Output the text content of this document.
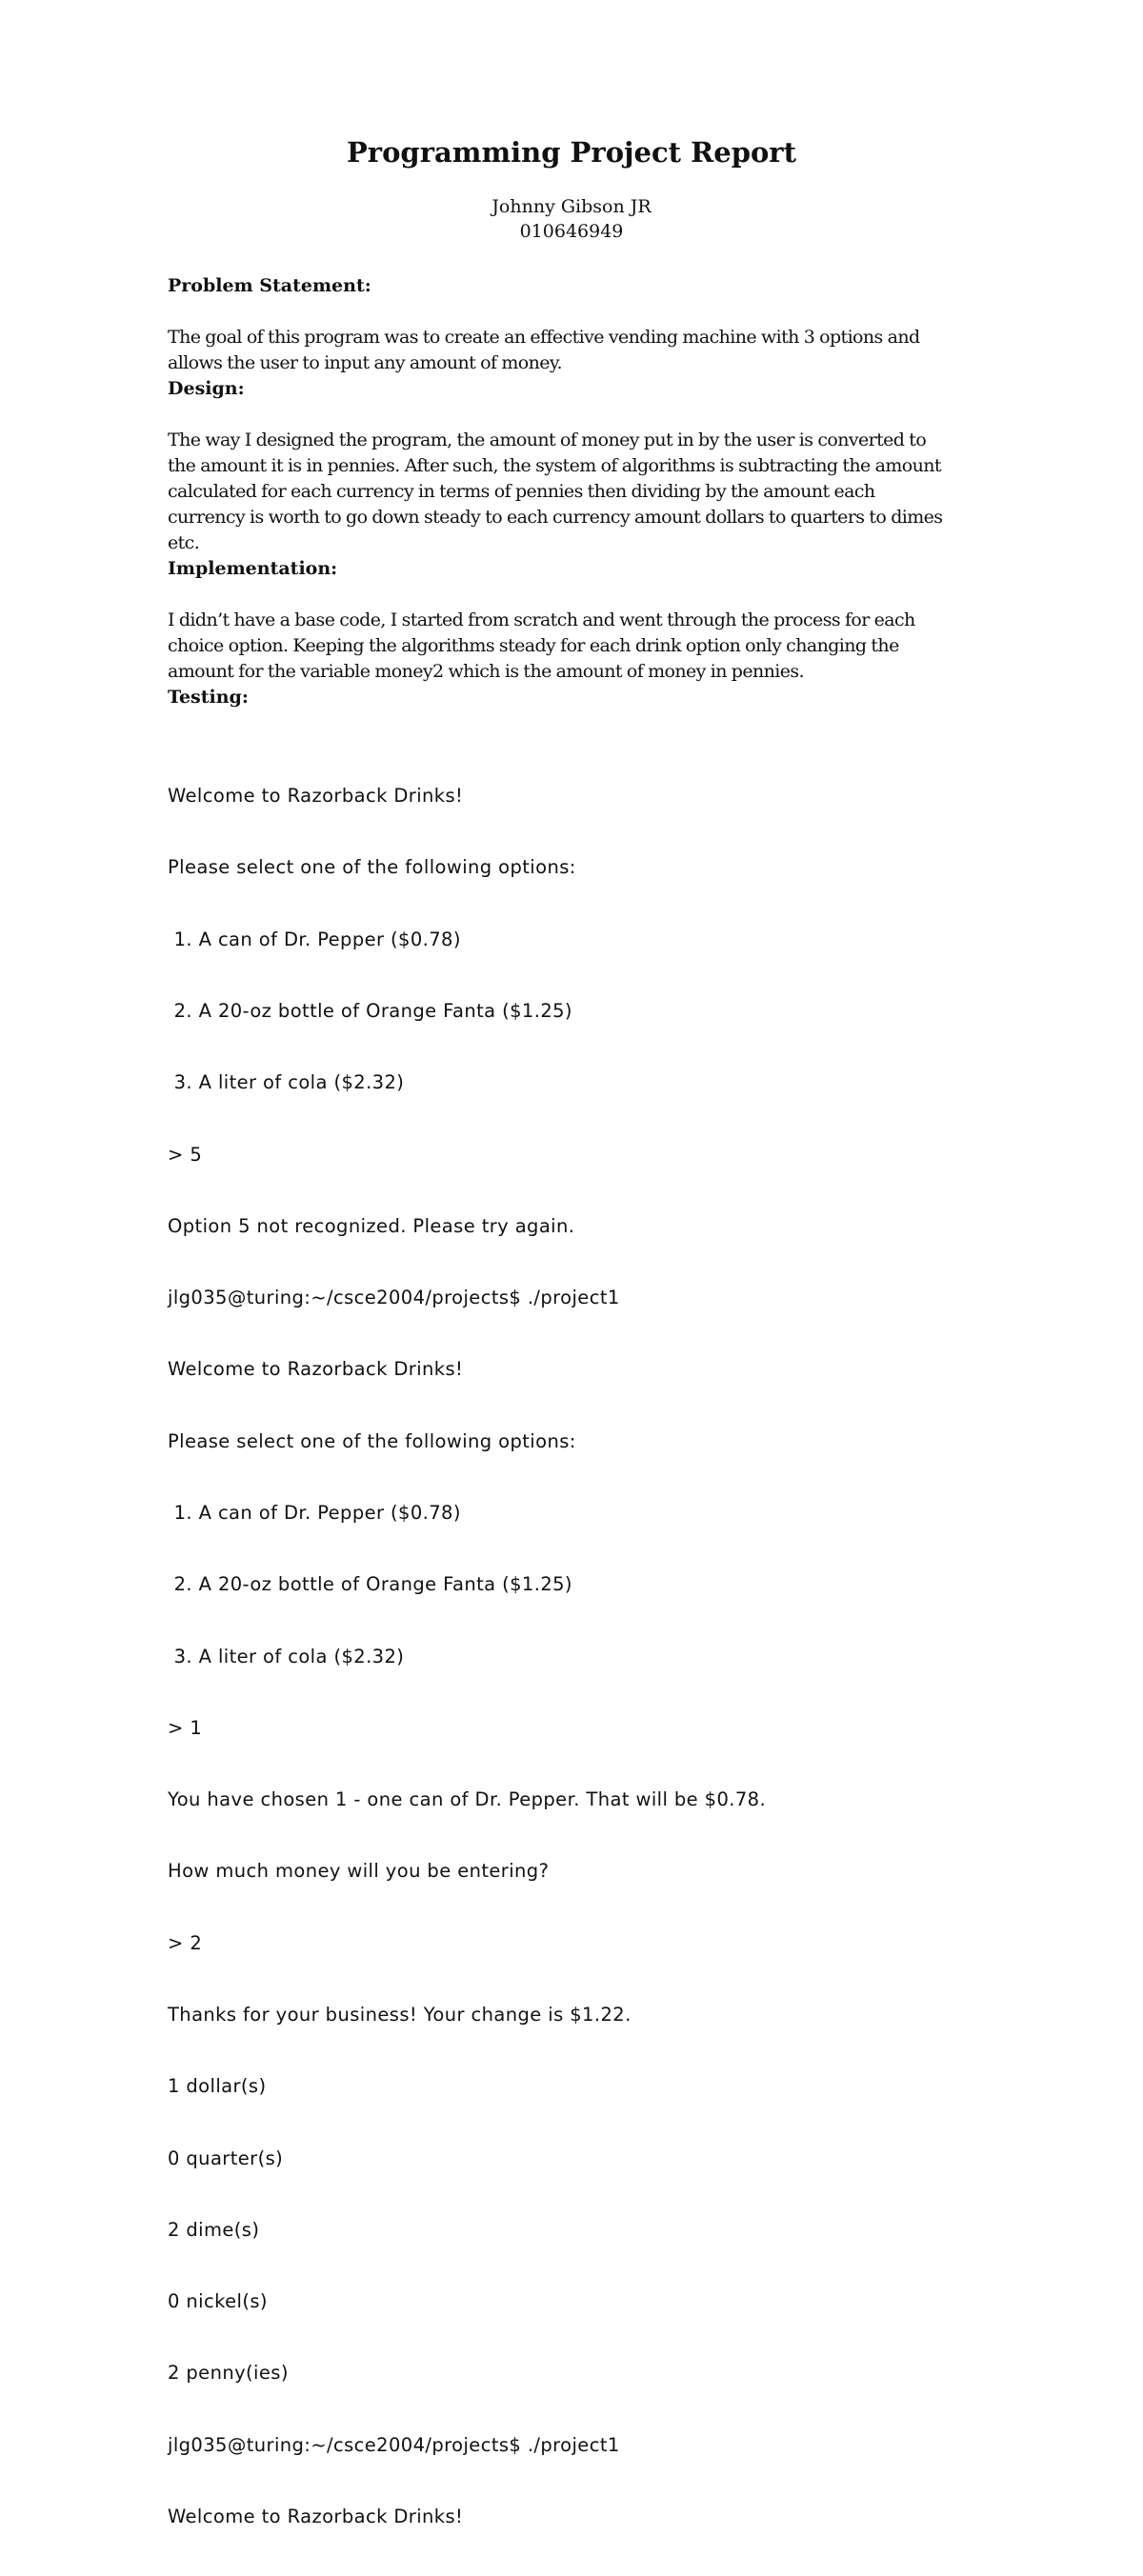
Programming Project Report
Johnny Gibson JR
010646949
Problem Statement:
The goal of this program was to create an effective vending machine with 3 options and
allows the user to input any amount of money.
Design:
The way I designed the program, the amount of money put in by the user is converted to
the amount it is in pennies. After such, the system of algorithms is subtracting the amount
calculated for each currency in terms of pennies then dividing by the amount each
currency is worth to go down steady to each currency amount dollars to quarters to dimes
etc.
Implementation:
I didn’t have a base code, I started from scratch and went through the process for each
choice option. Keeping the algorithms steady for each drink option only changing the
amount for the variable money2 which is the amount of money in pennies.
Testing:

Welcome to Razorback Drinks!

Please select one of the following options:

1. A can of Dr. Pepper ($0.78)

2. A 20-oz bottle of Orange Fanta ($1.25)

3. A liter of cola ($2.32)

> 5

Option 5 not recognized. Please try again.

jlg035@turing:~/csce2004/projects$ ./project1

Welcome to Razorback Drinks!

Please select one of the following options:

1. A can of Dr. Pepper ($0.78)

2. A 20-oz bottle of Orange Fanta ($1.25)

3. A liter of cola ($2.32)

> 1

You have chosen 1 - one can of Dr. Pepper. That will be $0.78.

How much money will you be entering?

> 2

Thanks for your business! Your change is $1.22.

1 dollar(s)

0 quarter(s)

2 dime(s)

0 nickel(s)

2 penny(ies)

jlg035@turing:~/csce2004/projects$ ./project1

Welcome to Razorback Drinks!
